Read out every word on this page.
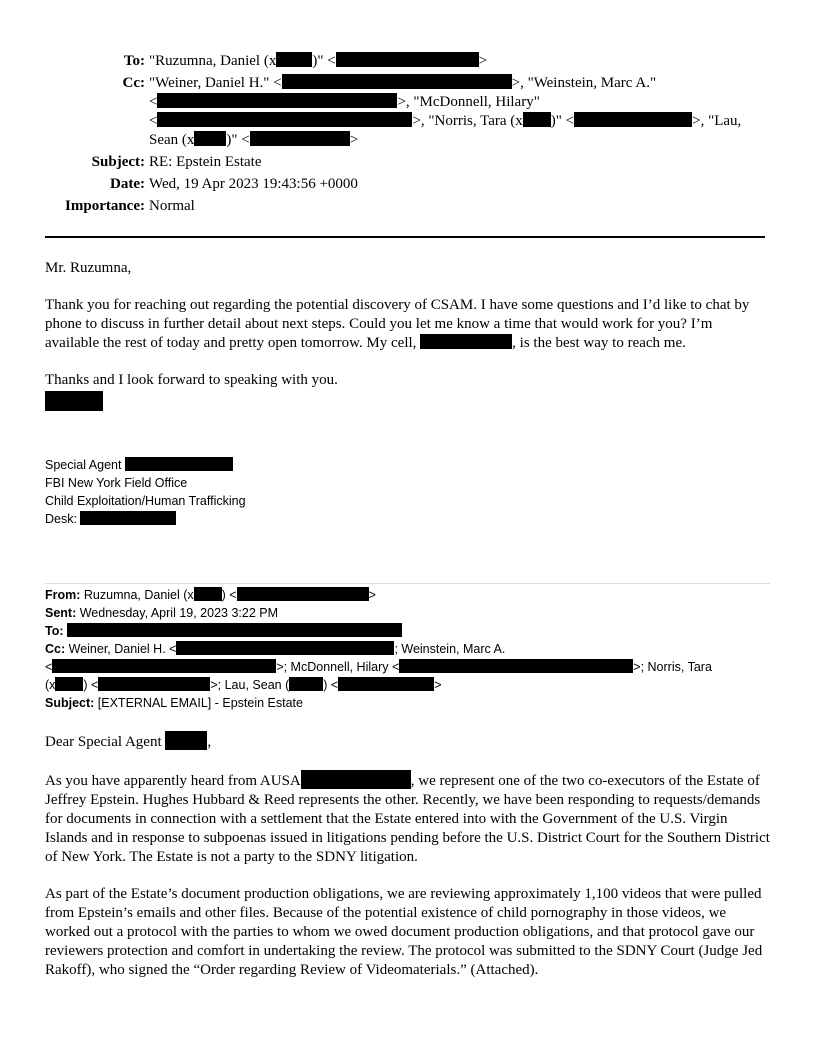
To: "Ruzumna, Daniel (x )" <	>
Cc: "Weiner, Daniel H." <	>, "Weinstein, Marc A."
<	>, "McDonnell, Hilary"
<	>, "Norris, Tara (x )" <	>, "Lau,
Sean (x )" <	>
Subject: RE: Epstein Estate
Date: Wed, 19 Apr 2023 19:43:56 +0000
Importance: Normal

Mr. Ruzumna,

Thank you for reaching out regarding the potential discovery of CSAM. I have some questions and I’d like to chat by phone to discuss in further detail about next steps. Could you let me know a time that would work for you? I’m available the rest of today and pretty open tomorrow. My cell,	, is the best way to reach me.

Thanks and I look forward to speaking with you.

Special Agent
FBI New York Field Office
Child Exploitation/Human Trafficking
Desk:
From: Ruzumna, Daniel (x ) <	>
Sent: Wednesday, April 19, 2023 3:22 PM
To:
Cc: Weiner, Daniel H. <	; Weinstein, Marc A.
<	>; McDonnell, Hilary <	>; Norris, Tara
(x ) <	>; Lau, Sean (	) <	>
Subject: [EXTERNAL EMAIL] - Epstein Estate

Dear Special Agent	,

As you have apparently heard from AUSA	, we represent one of the two co-executors of the Estate of Jeffrey Epstein. Hughes Hubbard & Reed represents the other. Recently, we have been responding to requests/demands for documents in connection with a settlement that the Estate entered into with the Government of the U.S. Virgin Islands and in response to subpoenas issued in litigations pending before the U.S. District Court for the Southern District of New York. The Estate is not a party to the SDNY litigation.

As part of the Estate’s document production obligations, we are reviewing approximately 1,100 videos that were pulled from Epstein’s emails and other files. Because of the potential existence of child pornography in those videos, we worked out a protocol with the parties to whom we owed document production obligations, and that protocol gave our reviewers protection and comfort in undertaking the review. The protocol was submitted to the SDNY Court (Judge Jed Rakoff), who signed the “Order regarding Review of Videomaterials.” (Attached).
